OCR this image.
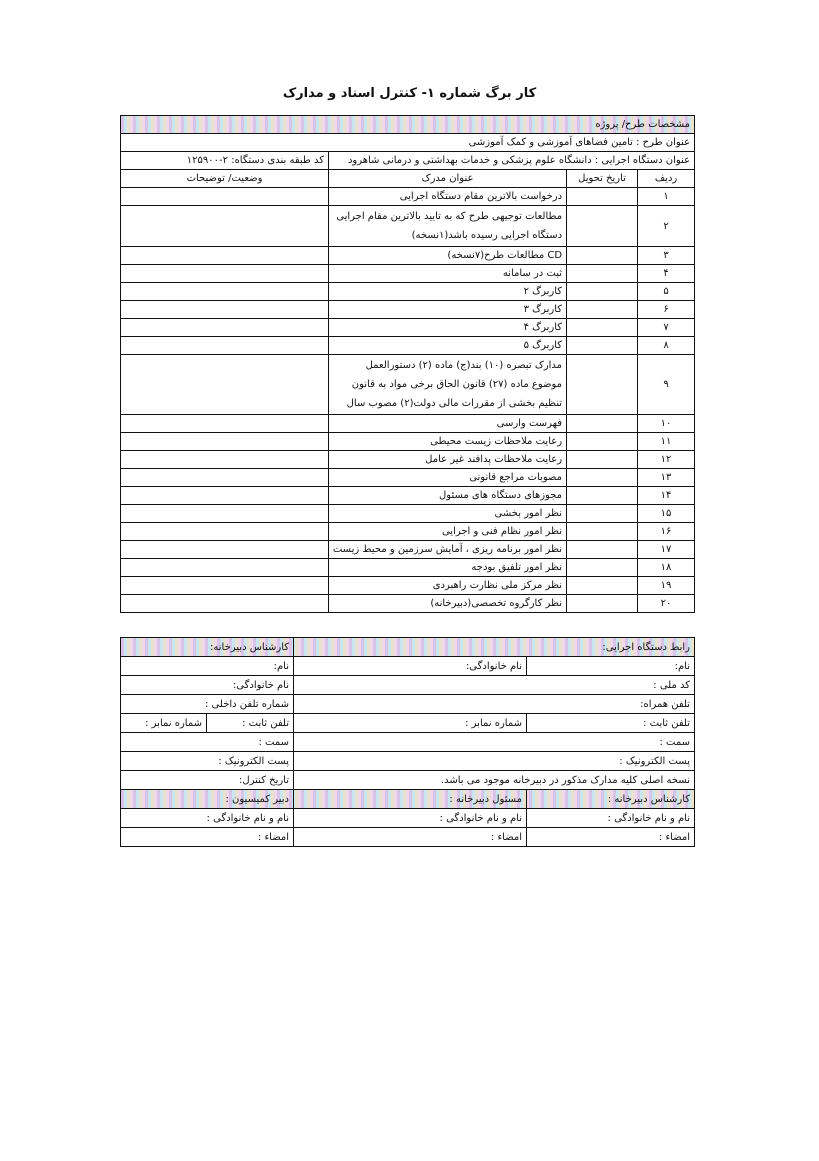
کار برگ شماره ۱- کنترل اسناد و مدارک
مشخصات طرح/ پروژه			
عنوان طرح : تامین فضاهای آموزشی و کمک آموزشی			
عنوان دستگاه اجرایی : دانشگاه علوم پزشکی و خدمات بهداشتی و درمانی شاهرود			کد طبقه بندی دستگاه: ۲-۱۲۵۹۰۰
ردیف	تاریخ تحویل	عنوان مدرک	وضعیت/ توضیحات
۱		درخواست بالاترین مقام دستگاه اجرایی	
۲		مطالعات توجیهی طرح که به تایید بالاترین مقام اجرایی دستگاه اجرایی رسیده باشد(۱نسخه)	
۳		CD مطالعات طرح(۷نسخه)	
۴		ثبت در سامانه	
۵		کاربرگ ۲	
۶		کاربرگ ۳	
۷		کاربرگ ۴	
۸		کاربرگ ۵	
۹		مدارک تبصره (۱۰) بند(ج) ماده (۲) دستورالعمل موضوع ماده (۲۷) قانون الحاق برخی مواد به قانون تنظیم بخشی از مقررات مالی دولت(۲) مصوب سال	
۱۰		فهرست وارسی	
۱۱		رعایت ملاحظات زیست محیطی	
۱۲		رعایت ملاحظات پدافند غیر عامل	
۱۳		مصوبات مراجع قانونی	
۱۴		مجوزهای دستگاه های مسئول	
۱۵		نظر امور بخشی	
۱۶		نظر امور نظام فنی و اجرایی	
۱۷		نظر امور برنامه ریزی ، آمایش سرزمین و محیط زیست	
۱۸		نظر امور تلفیق بودجه	
۱۹		نظر مرکز ملی نظارت راهبردی	
۲۰		نظر کارگروه تخصصی(دبیرخانه)	
رابط دستگاه اجرایی:		کارشناس دبیرخانه:	
نام:	نام خانوادگی:	نام:	
کد ملی :		نام خانوادگی:	
تلفن همراه:		شماره تلفن داخلی :	
تلفن ثابت :	شماره نمابر :	تلفن ثابت :	شماره نمابر :
سمت :		سمت :	
پست الکترونیک :		پست الکترونیک :	
نسخه اصلی کلیه مدارک مذکور در دبیرخانه موجود می باشد.		تاریخ کنترل:	
کارشناس دبیرخانه :	مسئول دبیرخانه :	دبیر کمیسیون :	
نام و نام خانوادگی :	نام و نام خانوادگی :	نام و نام خانوادگی :	
امضاء :	امضاء :	امضاء :	
